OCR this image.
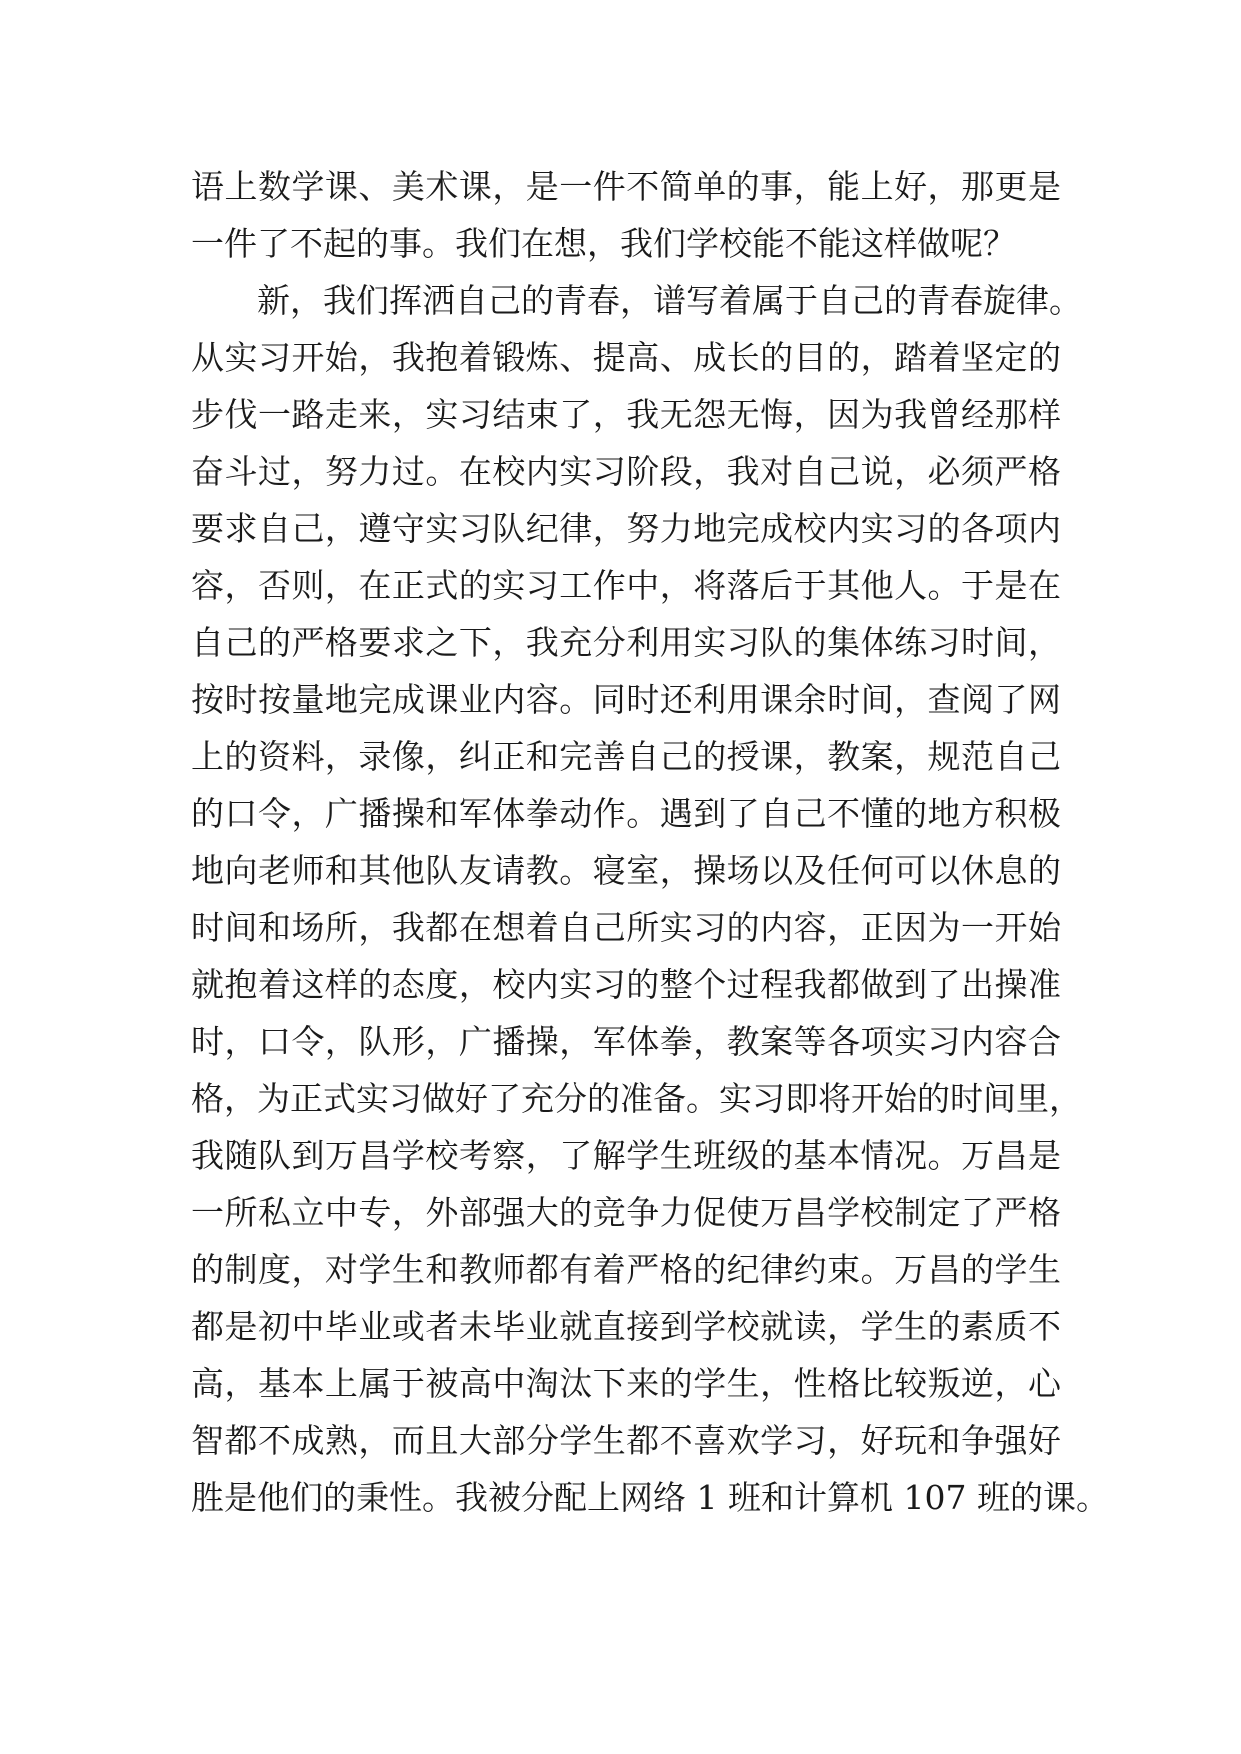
语上数学课、美术课，是一件不简单的事，能上好，那更是
一件了不起的事。我们在想，我们学校能不能这样做呢？
新，我们挥洒自己的青春，谱写着属于自己的青春旋律。
从实习开始，我抱着锻炼、提高、成长的目的，踏着坚定的
步伐一路走来，实习结束了，我无怨无悔，因为我曾经那样
奋斗过，努力过。在校内实习阶段，我对自己说，必须严格
要求自己，遵守实习队纪律，努力地完成校内实习的各项内
容，否则，在正式的实习工作中，将落后于其他人。于是在
自己的严格要求之下，我充分利用实习队的集体练习时间，
按时按量地完成课业内容。同时还利用课余时间，查阅了网
上的资料，录像，纠正和完善自己的授课，教案，规范自己
的口令，广播操和军体拳动作。遇到了自己不懂的地方积极
地向老师和其他队友请教。寝室，操场以及任何可以休息的
时间和场所，我都在想着自己所实习的内容，正因为一开始
就抱着这样的态度，校内实习的整个过程我都做到了出操准
时，口令，队形，广播操，军体拳，教案等各项实习内容合
格，为正式实习做好了充分的准备。实习即将开始的时间里，
我随队到万昌学校考察，了解学生班级的基本情况。万昌是
一所私立中专，外部强大的竞争力促使万昌学校制定了严格
的制度，对学生和教师都有着严格的纪律约束。万昌的学生
都是初中毕业或者未毕业就直接到学校就读，学生的素质不
高，基本上属于被高中淘汰下来的学生，性格比较叛逆，心
智都不成熟，而且大部分学生都不喜欢学习，好玩和争强好
胜是他们的秉性。我被分配上网络 1 班和计算机 107 班的课。
